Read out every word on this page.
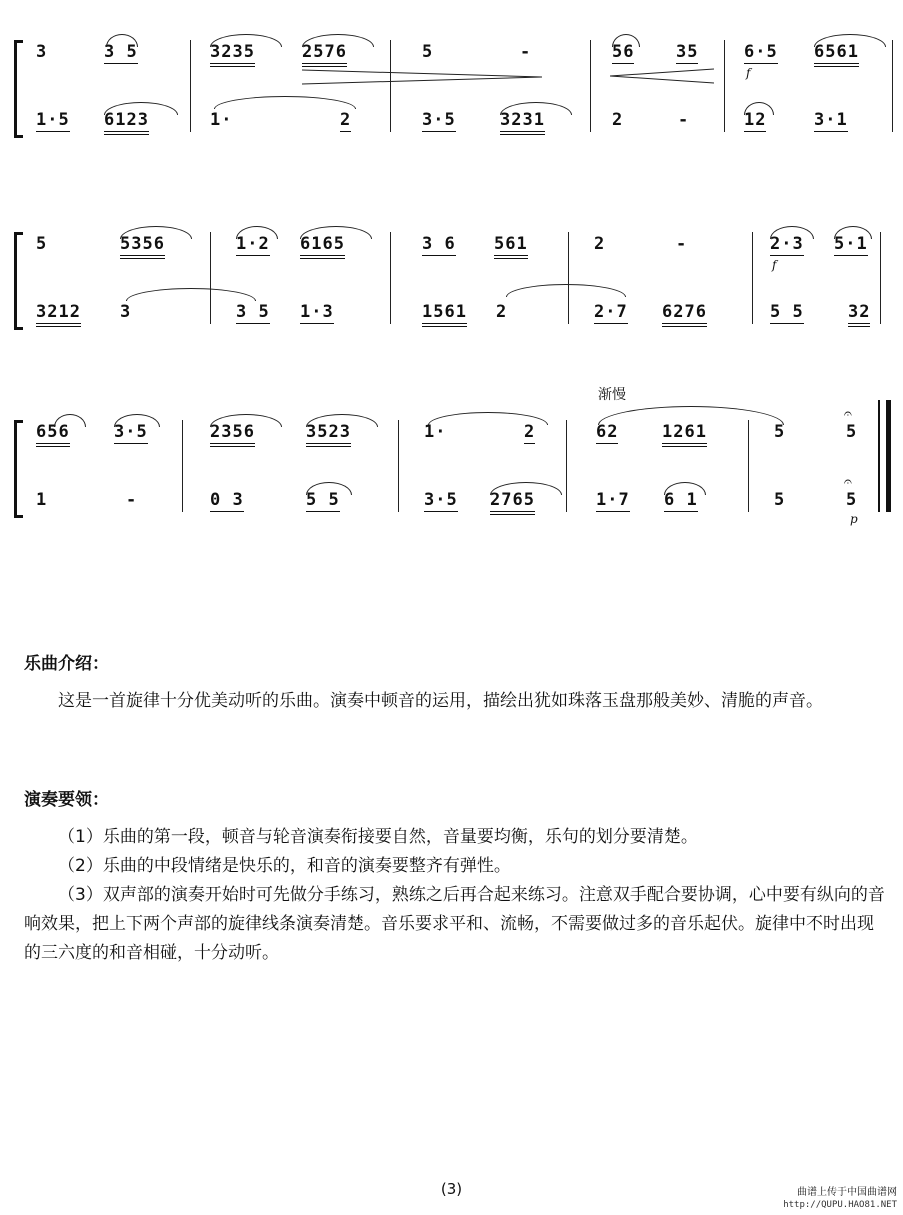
3

	3 5

	3235

	2576

	5

	-

	56

35

	6·5

6561

f

1·5

6123

	1·

	2

	3·5

	3231

	2

	-

	12

	3·1

5

	5356

	1·2

6165

	3 6

561

	2

	-

	2·3

5·1

f

3212

3

	3 5

1·3

	1561

2

	2·7

6276

	5 5

	32

渐慢

656

	3·5

	2356

	3523

	1·

	2

	62

	1261

	5

	5

𝄐

1

	-

	0 3

	5 5

	3·5

2765

	1·7

6 1

	5

	5

𝄐
p
乐曲介绍：
这是一首旋律十分优美动听的乐曲。演奏中顿音的运用，描绘出犹如珠落玉盘那般美妙、清脆的声音。
演奏要领：
（1）乐曲的第一段，顿音与轮音演奏衔接要自然，音量要均衡，乐句的划分要清楚。
（2）乐曲的中段情绪是快乐的，和音的演奏要整齐有弹性。
（3）双声部的演奏开始时可先做分手练习，熟练之后再合起来练习。注意双手配合要协调，心中要有纵向的音响效果，把上下两个声部的旋律线条演奏清楚。音乐要求平和、流畅，不需要做过多的音乐起伏。旋律中不时出现的三六度的和音相碰，十分动听。
(3)	曲谱上传于中国曲谱网
http://QUPU.HAO81.NET
